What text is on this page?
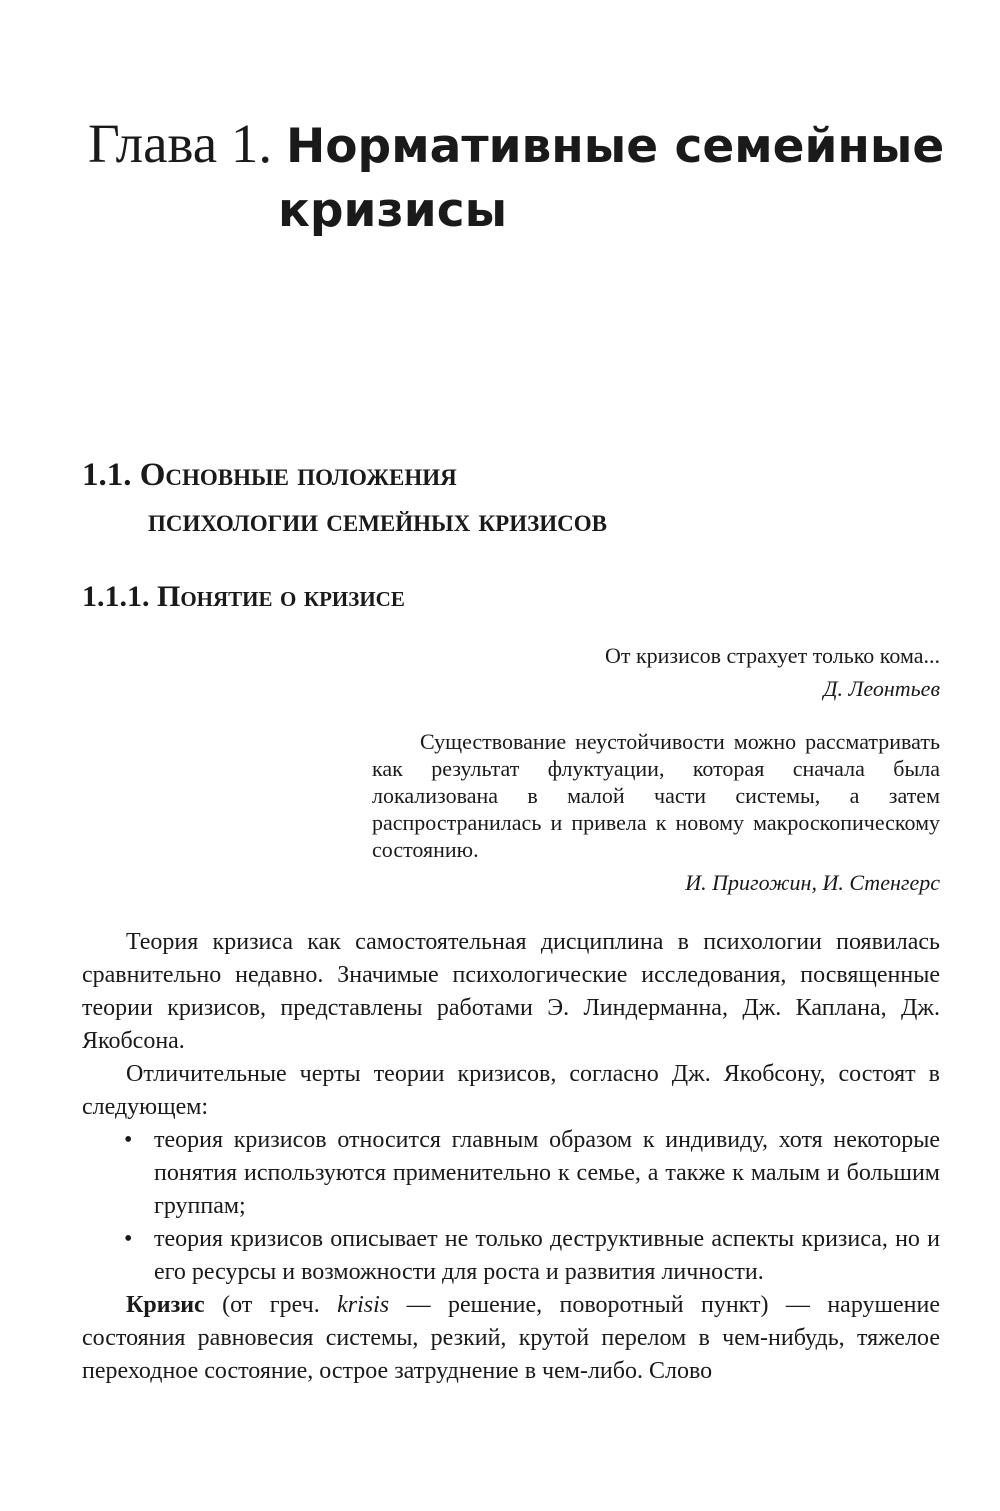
Глава 1. Нормативные семейные
кризисы
1.1. Основные положения
психологии семейных кризисов
1.1.1. Понятие о кризисе

От кризисов страхует только кома...

Д. Леонтьев

Существование неустойчивости можно рассматривать как результат флуктуации, которая сначала была локализована в малой части системы, а затем распространилась и привела к новому макроскопическому состоянию.

И. Пригожин, И. Стенгерс

Теория кризиса как самостоятельная дисциплина в психологии появилась сравнительно недавно. Значимые психологические исследования, посвященные теории кризисов, представлены работами Э. Линдерманна, Дж. Каплана, Дж. Якобсона.

Отличительные черты теории кризисов, согласно Дж. Якобсону, состоят в следующем:

• теория кризисов относится главным образом к индивиду, хотя некоторые понятия используются применительно к семье, а также к малым и большим группам;
• теория кризисов описывает не только деструктивные аспекты кризиса, но и его ресурсы и возможности для роста и развития личности.

Кризис (от греч. krisis — решение, поворотный пункт) — нарушение состояния равновесия системы, резкий, крутой перелом в чем-нибудь, тяжелое переходное состояние, острое затруднение в чем-либо. Слово
